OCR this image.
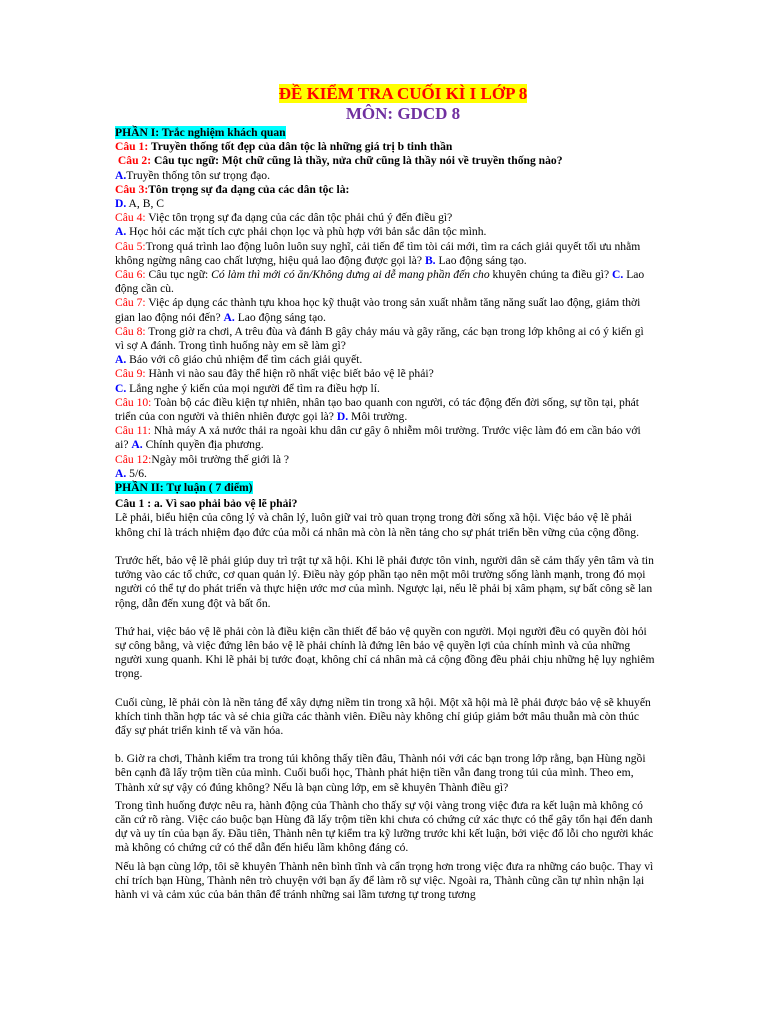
ĐỀ KIỂM TRA CUỐI KÌ I LỚP 8
MÔN: GDCD 8
PHẦN I: Trắc nghiệm khách quan

Câu 1: Truyền thống tốt đẹp của dân tộc là những giá trị b tinh thần

Câu 2: Câu tục ngữ: Một chữ cũng là thầy, nửa chữ cũng là thầy nói về truyền thống nào?

A.Truyền thống tôn sư trọng đạo.

Câu 3:Tôn trọng sự đa dạng của các dân tộc là:

D. A, B, C

Câu 4: Việc tôn trọng sự đa dạng của các dân tộc phải chú ý đến điều gì?

A. Học hỏi các mặt tích cực phải chọn lọc và phù hợp với bản sắc dân tộc mình.

Câu 5:Trong quá trình lao động luôn luôn suy nghĩ, cải tiến để tìm tòi cái mới, tìm ra cách giải quyết tối ưu nhằm không ngừng nâng cao chất lượng, hiệu quả lao động được gọi là? B. Lao động sáng tạo.

Câu 6: Câu tục ngữ: Có làm thì mới có ăn/Không dưng ai dễ mang phần đến cho khuyên chúng ta điều gì? C. Lao động cần cù.

Câu 7: Việc áp dụng các thành tựu khoa học kỹ thuật vào trong sản xuất nhằm tăng năng suất lao động, giảm thời gian lao động nói đến? A. Lao động sáng tạo.

Câu 8: Trong giờ ra chơi, A trêu đùa và đánh B gây chảy máu và gãy răng, các bạn trong lớp không ai có ý kiến gì vì sợ A đánh. Trong tình huống này em sẽ làm gì?

A. Báo với cô giáo chủ nhiệm để tìm cách giải quyết.

Câu 9: Hành vi nào sau đây thể hiện rõ nhất việc biết bảo vệ lẽ phải?

C. Lắng nghe ý kiến của mọi người để tìm ra điều hợp lí.

Câu 10: Toàn bộ các điều kiện tự nhiên, nhân tạo bao quanh con người, có tác động đến đời sống, sự tồn tại, phát triển của con người và thiên nhiên được gọi là? D. Môi trường.

Câu 11: Nhà máy A xả nước thải ra ngoài khu dân cư gây ô nhiễm môi trường. Trước việc làm đó em cần báo với ai? A. Chính quyền địa phương.

Câu 12:Ngày môi trường thế giới là ?

A. 5/6.

PHẦN II: Tự luận ( 7 điểm)

Câu 1 : a. Vì sao phải bảo vệ lẽ phải?

Lẽ phải, biểu hiện của công lý và chân lý, luôn giữ vai trò quan trọng trong đời sống xã hội. Việc bảo vệ lẽ phải không chỉ là trách nhiệm đạo đức của mỗi cá nhân mà còn là nền tảng cho sự phát triển bền vững của cộng đồng.

Trước hết, bảo vệ lẽ phải giúp duy trì trật tự xã hội. Khi lẽ phải được tôn vinh, người dân sẽ cảm thấy yên tâm và tin tưởng vào các tổ chức, cơ quan quản lý. Điều này góp phần tạo nên một môi trường sống lành mạnh, trong đó mọi người có thể tự do phát triển và thực hiện ước mơ của mình. Ngược lại, nếu lẽ phải bị xâm phạm, sự bất công sẽ lan rộng, dẫn đến xung đột và bất ổn.

Thứ hai, việc bảo vệ lẽ phải còn là điều kiện cần thiết để bảo vệ quyền con người. Mọi người đều có quyền đòi hỏi sự công bằng, và việc đứng lên bảo vệ lẽ phải chính là đứng lên bảo vệ quyền lợi của chính mình và của những người xung quanh. Khi lẽ phải bị tước đoạt, không chỉ cá nhân mà cả cộng đồng đều phải chịu những hệ lụy nghiêm trọng.

Cuối cùng, lẽ phải còn là nền tảng để xây dựng niềm tin trong xã hội. Một xã hội mà lẽ phải được bảo vệ sẽ khuyến khích tinh thần hợp tác và sẻ chia giữa các thành viên. Điều này không chỉ giúp giảm bớt mâu thuẫn mà còn thúc đẩy sự phát triển kinh tế và văn hóa.

b. Giờ ra chơi, Thành kiểm tra trong túi không thấy tiền đâu, Thành nói với các bạn trong lớp rằng, bạn Hùng ngồi bên cạnh đã lấy trộm tiền của mình. Cuối buổi học, Thành phát hiện tiền vẫn đang trong túi của mình. Theo em, Thành xử sự vậy có đúng không? Nếu là bạn cùng lớp, em sẽ khuyên Thành điều gì?

Trong tình huống được nêu ra, hành động của Thành cho thấy sự vội vàng trong việc đưa ra kết luận mà không có căn cứ rõ ràng. Việc cáo buộc bạn Hùng đã lấy trộm tiền khi chưa có chứng cứ xác thực có thể gây tổn hại đến danh dự và uy tín của bạn ấy. Đầu tiên, Thành nên tự kiểm tra kỹ lưỡng trước khi kết luận, bởi việc đổ lỗi cho người khác mà không có chứng cứ có thể dẫn đến hiểu lầm không đáng có.

Nếu là bạn cùng lớp, tôi sẽ khuyên Thành nên bình tĩnh và cẩn trọng hơn trong việc đưa ra những cáo buộc. Thay vì chỉ trích bạn Hùng, Thành nên trò chuyện với bạn ấy để làm rõ sự việc. Ngoài ra, Thành cũng cần tự nhìn nhận lại hành vi và cảm xúc của bản thân để tránh những sai lầm tương tự trong tương
